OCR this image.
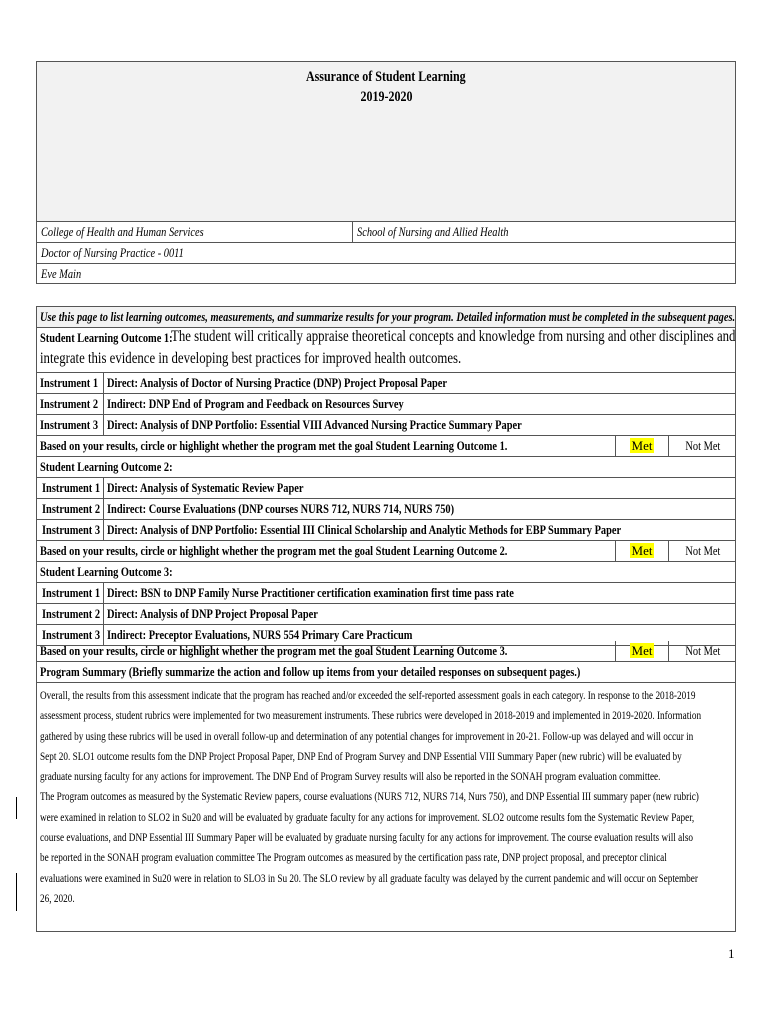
Assurance of Student Learning
2019-2020
College of Health and Human Services	School of Nursing and Allied Health
Doctor of Nursing Practice - 0011
Eve Main
Use this page to list learning outcomes, measurements, and summarize results for your program. Detailed information must be completed in the subsequent pages.
Student Learning Outcome 1:
The student will critically appraise theoretical concepts and knowledge from nursing and other disciplines and
integrate this evidence in developing best practices for improved health outcomes.
Instrument 1 Direct: Analysis of Doctor of Nursing Practice (DNP) Project Proposal Paper
Instrument 2 Indirect: DNP End of Program and Feedback on Resources Survey
Instrument 3 Direct: Analysis of DNP Portfolio: Essential VIII Advanced Nursing Practice Summary Paper
Based on your results, circle or highlight whether the program met the goal Student Learning Outcome 1.	Met	Not Met
Student Learning Outcome 2:
Instrument 1 Direct: Analysis of Systematic Review Paper
Instrument 2 Indirect: Course Evaluations (DNP courses NURS 712, NURS 714, NURS 750)
Instrument 3 Direct: Analysis of DNP Portfolio: Essential III Clinical Scholarship and Analytic Methods for EBP Summary Paper
Based on your results, circle or highlight whether the program met the goal Student Learning Outcome 2.	Met	Not Met
Student Learning Outcome 3:
Instrument 1 Direct: BSN to DNP Family Nurse Practitioner certification examination first time pass rate
Instrument 2 Direct: Analysis of DNP Project Proposal Paper
Instrument 3 Indirect: Preceptor Evaluations, NURS 554 Primary Care Practicum
Based on your results, circle or highlight whether the program met the goal Student Learning Outcome 3.	Met	Not Met
Program Summary (Briefly summarize the action and follow up items from your detailed responses on subsequent pages.)
Overall, the results from this assessment indicate that the program has reached and/or exceeded the self-reported assessment goals in each category. In response to the 2018-2019
assessment process, student rubrics were implemented for two measurement instruments. These rubrics were developed in 2018-2019 and implemented in 2019-2020. Information
gathered by using these rubrics will be used in overall follow-up and determination of any potential changes for improvement in 20-21. Follow-up was delayed and will occur in
Sept 20. SLO1 outcome results fom the DNP Project Proposal Paper, DNP End of Program Survey and DNP Essential VIII Summary Paper (new rubric) will be evaluated by
graduate nursing faculty for any actions for improvement. The DNP End of Program Survey results will also be reported in the SONAH program evaluation committee.
The Program outcomes as measured by the Systematic Review papers, course evaluations (NURS 712, NURS 714, Nurs 750), and DNP Essential III summary paper (new rubric)
were examined in relation to SLO2 in Su20 and will be evaluated by graduate faculty for any actions for improvement. SLO2 outcome results fom the Systematic Review Paper,
course evaluations, and DNP Essential III Summary Paper will be evaluated by graduate nursing faculty for any actions for improvement. The course evaluation results will also
be reported in the SONAH program evaluation committee The Program outcomes as measured by the certification pass rate, DNP project proposal, and preceptor clinical
evaluations were examined in Su20 were in relation to SLO3 in Su 20. The SLO review by all graduate faculty was delayed by the current pandemic and will occur on September
26, 2020.
1
